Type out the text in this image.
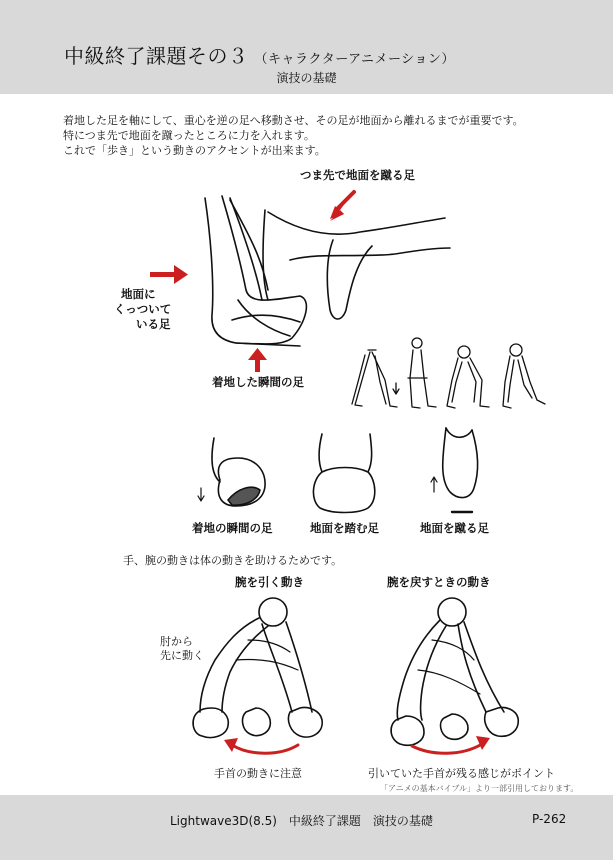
中級終了課題その３ （キャラクターアニメーション）
演技の基礎
着地した足を軸にして、重心を逆の足へ移動させ、その足が地面から離れるまでが重要です。
特につま先で地面を蹴ったところに力を入れます。
これで「歩き」という動きのアクセントが出来ます。
つま先で地面を蹴る足
地面に
くっついて
いる足
着地した瞬間の足
着地の瞬間の足	地面を踏む足	地面を蹴る足
手、腕の動きは体の動きを助けるためです。
腕を引く動き	腕を戻すときの動き
肘から
先に動く
手首の動きに注意	引いていた手首が残る感じがポイント
「アニメの基本バイブル」より一部引用しております。
Lightwave3D(8.5)　中級終了課題　演技の基礎	P-262
